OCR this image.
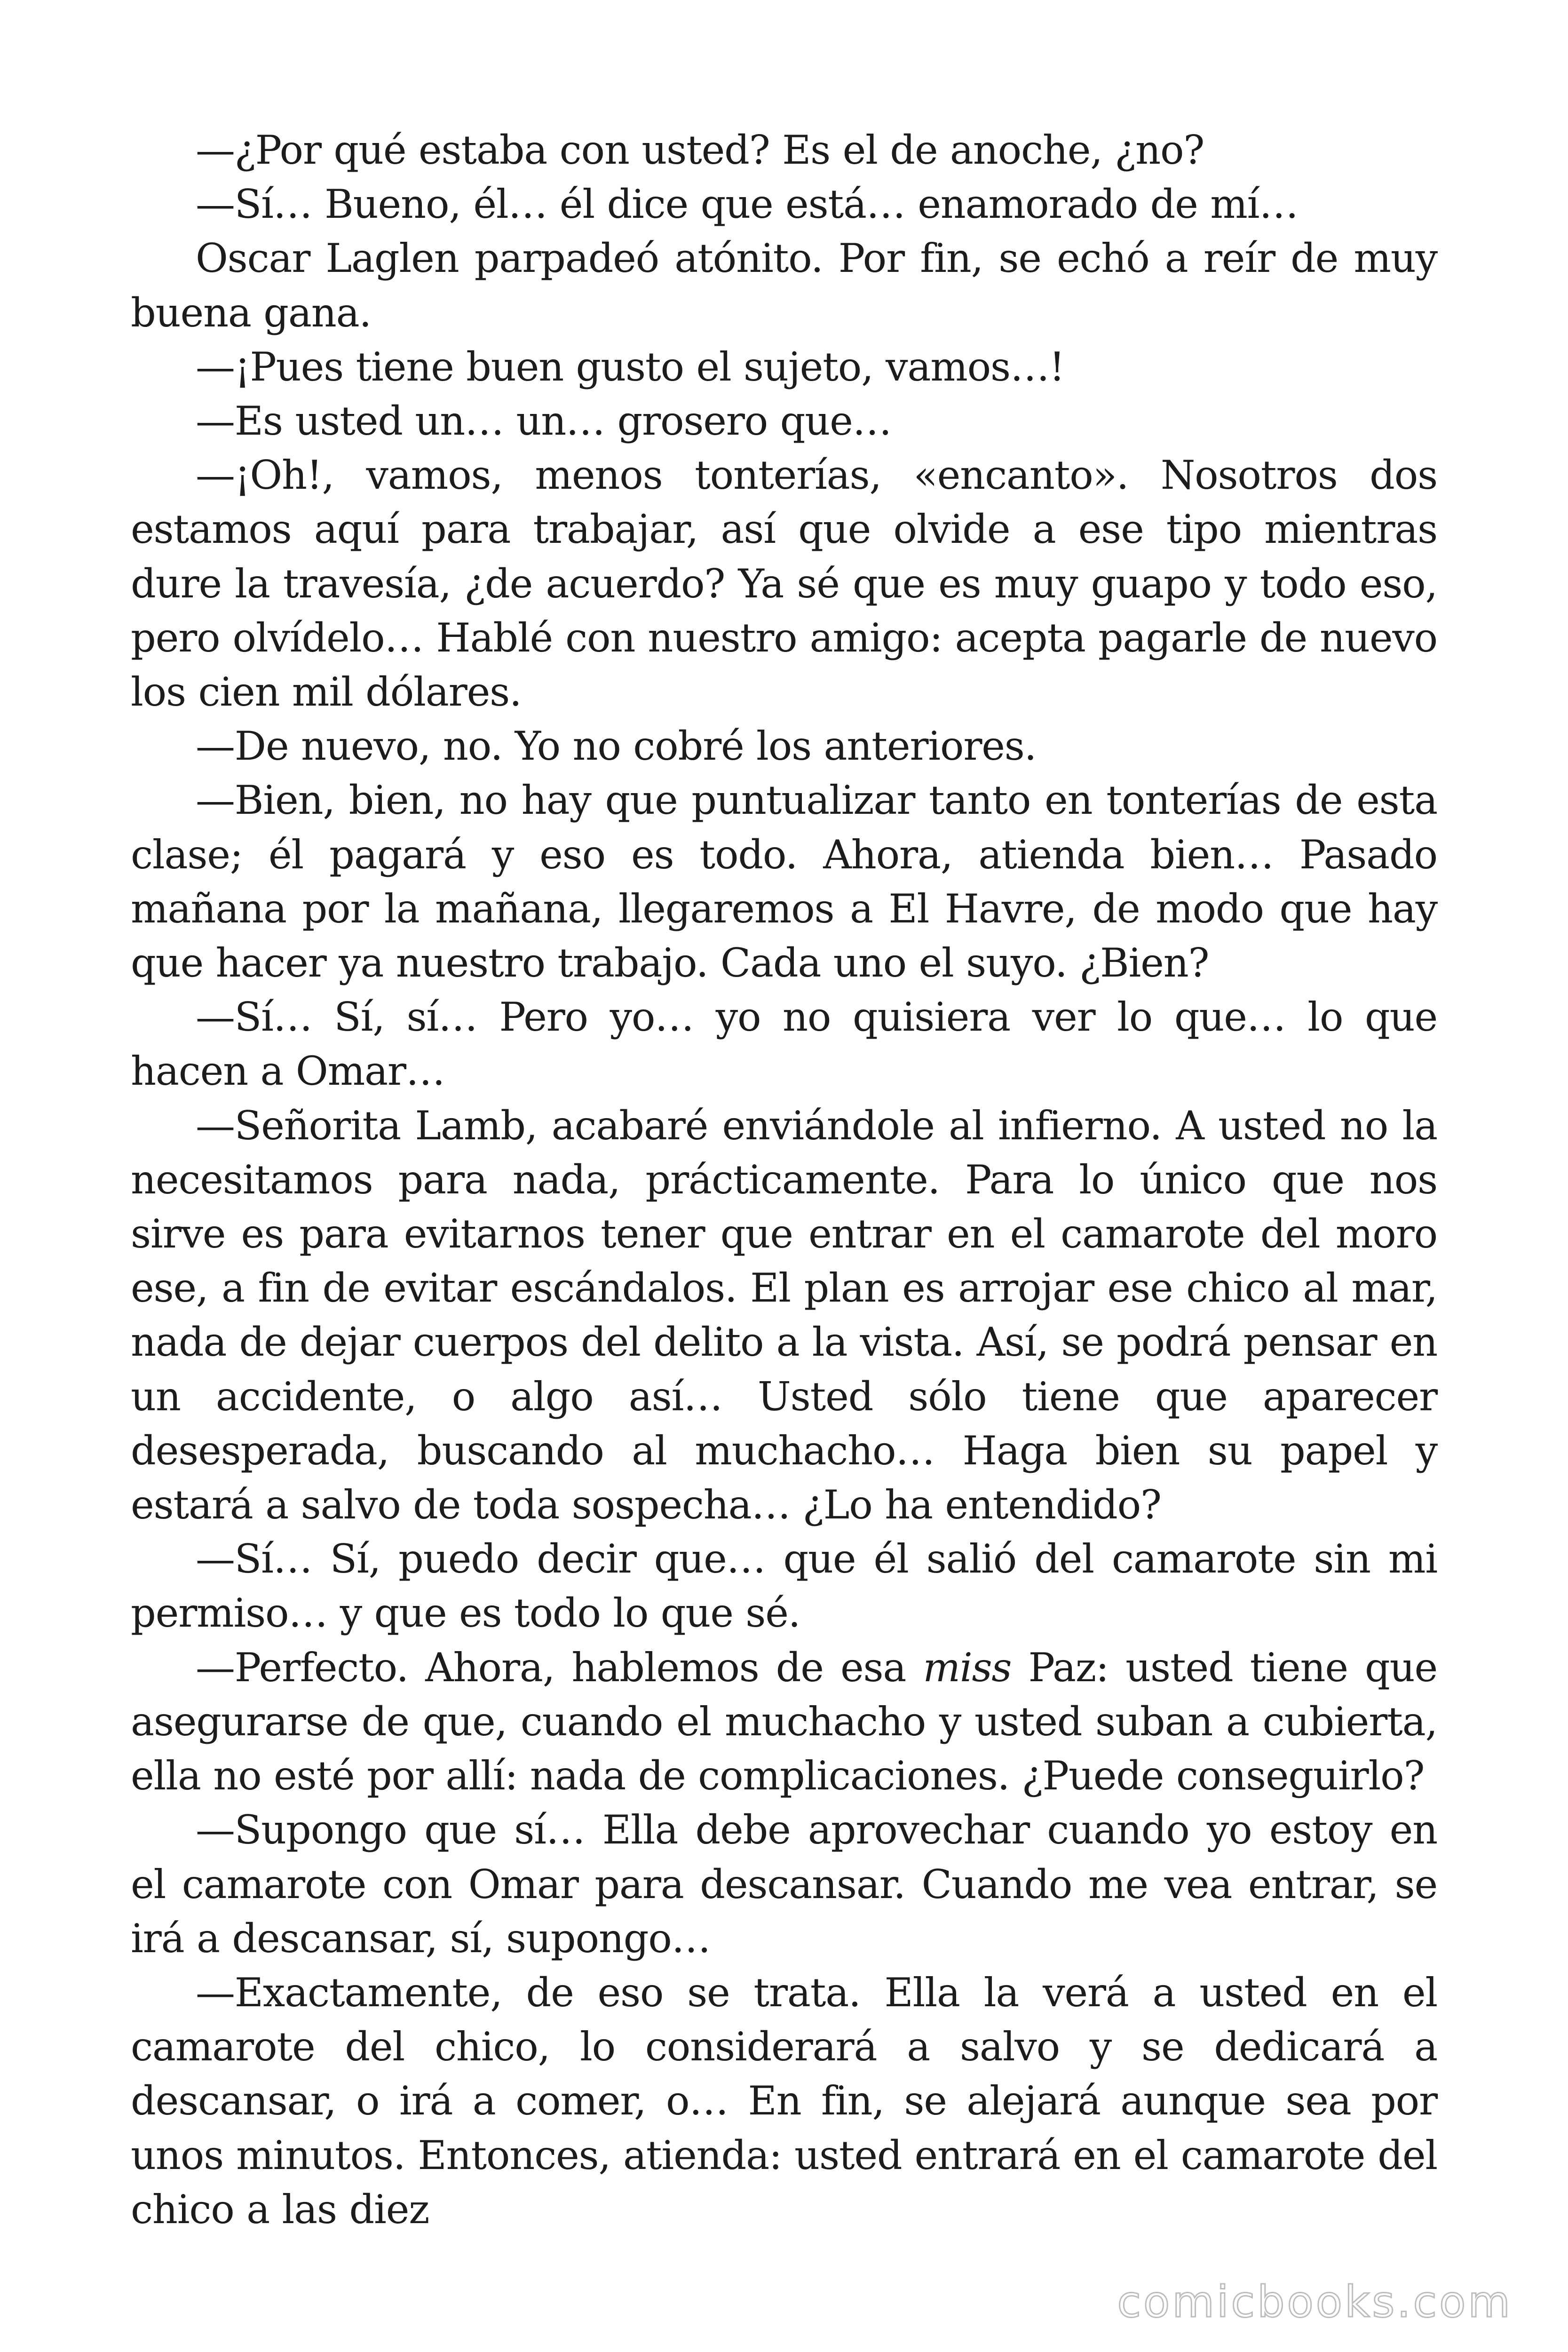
—¿Por qué estaba con usted? Es el de anoche, ¿no?

—Sí… Bueno, él… él dice que está… enamorado de mí…

Oscar Laglen parpadeó atónito. Por fin, se echó a reír de muy buena gana.

—¡Pues tiene buen gusto el sujeto, vamos…!

—Es usted un… un… grosero que…

—¡Oh!, vamos, menos tonterías, «encanto». Nosotros dos estamos aquí para trabajar, así que olvide a ese tipo mientras dure la travesía, ¿de acuerdo? Ya sé que es muy guapo y todo eso, pero olvídelo… Hablé con nuestro amigo: acepta pagarle de nuevo los cien mil dólares.

—De nuevo, no. Yo no cobré los anteriores.

—Bien, bien, no hay que puntualizar tanto en tonterías de esta clase; él pagará y eso es todo. Ahora, atienda bien… Pasado mañana por la mañana, llegaremos a El Havre, de modo que hay que hacer ya nuestro trabajo. Cada uno el suyo. ¿Bien?

—Sí… Sí, sí… Pero yo… yo no quisiera ver lo que… lo que hacen a Omar…

—Señorita Lamb, acabaré enviándole al infierno. A usted no la necesitamos para nada, prácticamente. Para lo único que nos sirve es para evitarnos tener que entrar en el camarote del moro ese, a fin de evitar escándalos. El plan es arrojar ese chico al mar, nada de dejar cuerpos del delito a la vista. Así, se podrá pensar en un accidente, o algo así… Usted sólo tiene que aparecer desesperada, buscando al muchacho… Haga bien su papel y estará a salvo de toda sospecha… ¿Lo ha entendido?

—Sí… Sí, puedo decir que… que él salió del camarote sin mi permiso… y que es todo lo que sé.

—Perfecto. Ahora, hablemos de esa miss Paz: usted tiene que asegurarse de que, cuando el muchacho y usted suban a cubierta, ella no esté por allí: nada de complicaciones. ¿Puede conseguirlo?

—Supongo que sí… Ella debe aprovechar cuando yo estoy en el camarote con Omar para descansar. Cuando me vea entrar, se irá a descansar, sí, supongo…

—Exactamente, de eso se trata. Ella la verá a usted en el camarote del chico, lo considerará a salvo y se dedicará a descansar, o irá a comer, o… En fin, se alejará aunque sea por unos minutos. Entonces, atienda: usted entrará en el camarote del chico a las diez

comicbooks.com
